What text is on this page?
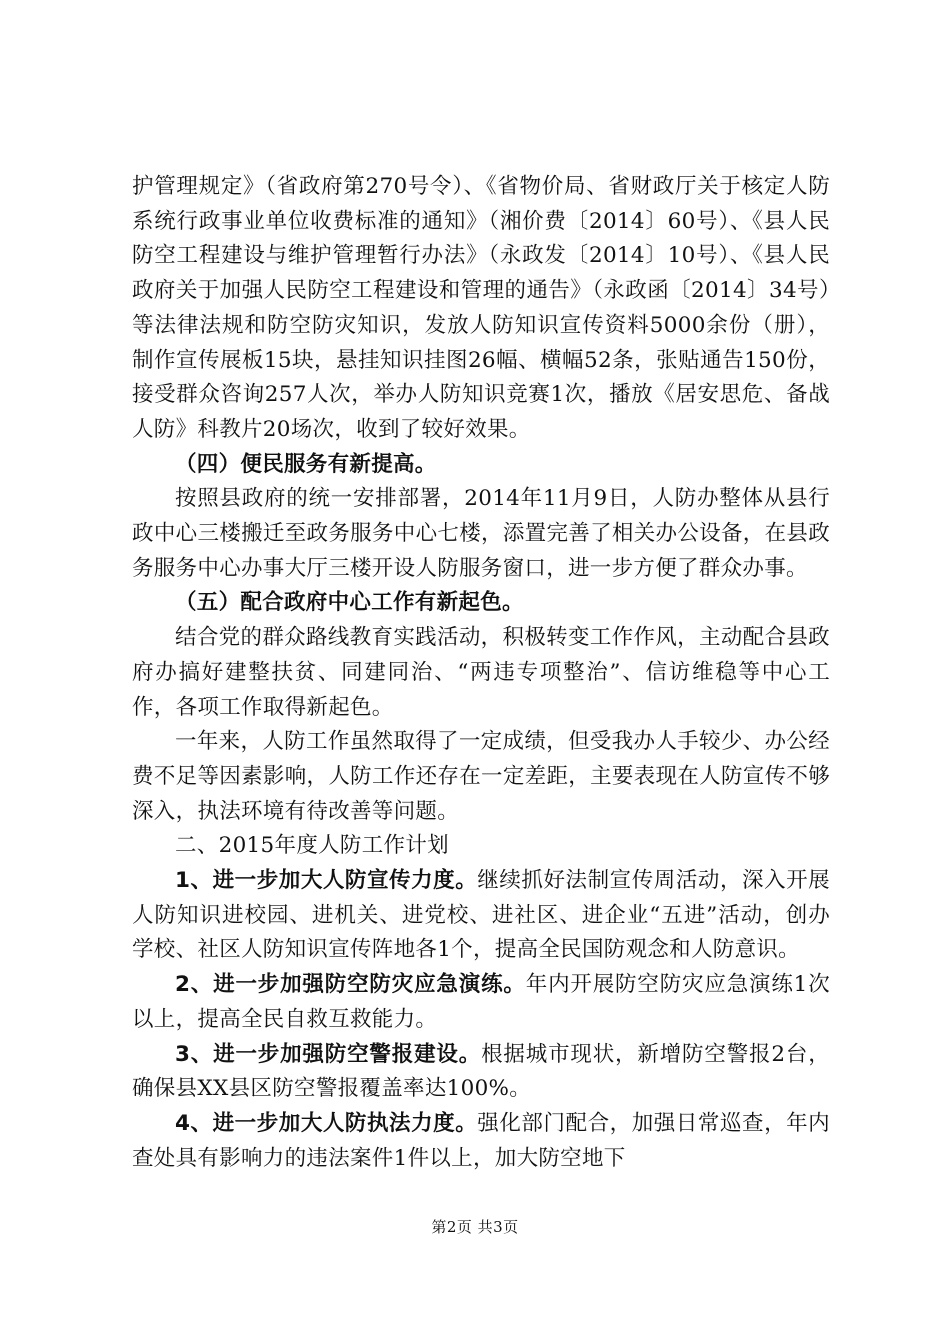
护管理规定》（省政府第270号令）、《省物价局、省财政厅关于核定人防系统行政事业单位收费标准的通知》（湘价费〔2014〕60号）、《县人民防空工程建设与维护管理暂行办法》（永政发〔2014〕10号）、《县人民政府关于加强人民防空工程建设和管理的通告》（永政函〔2014〕34号）等法律法规和防空防灾知识，发放人防知识宣传资料5000余份（册），制作宣传展板15块，悬挂知识挂图26幅、横幅52条，张贴通告150份，接受群众咨询257人次，举办人防知识竞赛1次，播放《居安思危、备战人防》科教片20场次，收到了较好效果。

（四）便民服务有新提高。

按照县政府的统一安排部署，2014年11月9日，人防办整体从县行政中心三楼搬迁至政务服务中心七楼，添置完善了相关办公设备，在县政务服务中心办事大厅三楼开设人防服务窗口，进一步方便了群众办事。

（五）配合政府中心工作有新起色。

结合党的群众路线教育实践活动，积极转变工作作风，主动配合县政府办搞好建整扶贫、同建同治、“两违专项整治”、信访维稳等中心工作，各项工作取得新起色。

一年来，人防工作虽然取得了一定成绩，但受我办人手较少、办公经费不足等因素影响，人防工作还存在一定差距，主要表现在人防宣传不够深入，执法环境有待改善等问题。

二、2015年度人防工作计划

1、进一步加大人防宣传力度。继续抓好法制宣传周活动，深入开展人防知识进校园、进机关、进党校、进社区、进企业“五进”活动，创办学校、社区人防知识宣传阵地各1个，提高全民国防观念和人防意识。

2、进一步加强防空防灾应急演练。年内开展防空防灾应急演练1次以上，提高全民自救互救能力。

3、进一步加强防空警报建设。根据城市现状，新增防空警报2台，确保县XX县区防空警报覆盖率达100%。

4、进一步加大人防执法力度。强化部门配合，加强日常巡查，年内查处具有影响力的违法案件1件以上，加大防空地下

第2页 共3页
